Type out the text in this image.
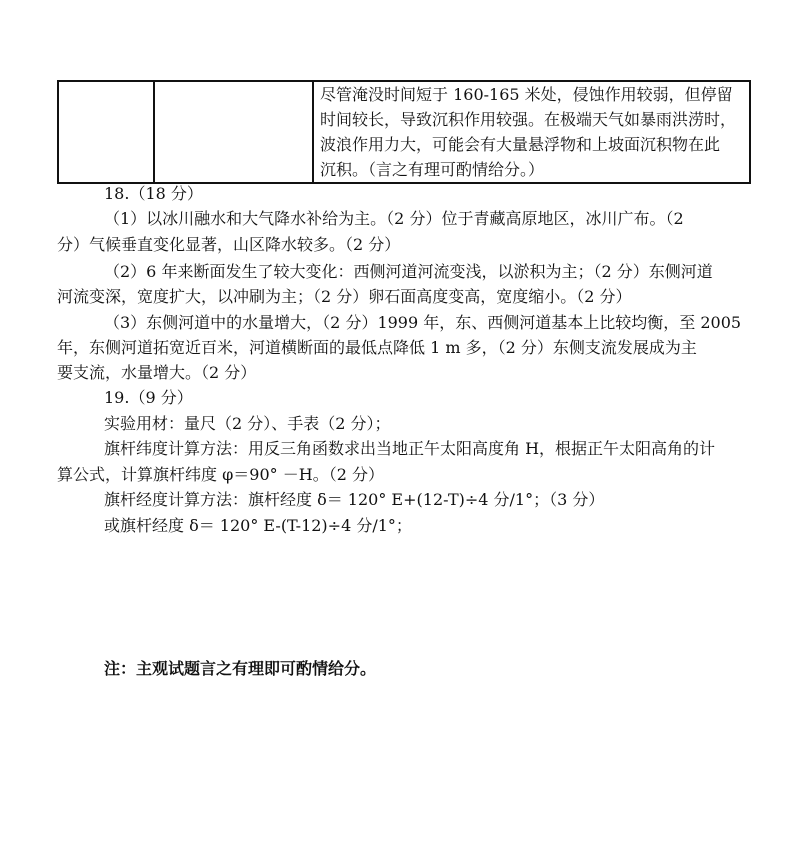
尽管淹没时间短于 160-165 米处，侵蚀作用较弱，但停留
时间较长，导致沉积作用较强。在极端天气如暴雨洪涝时，
波浪作用力大，可能会有大量悬浮物和上坡面沉积物在此
沉积。（言之有理可酌情给分。）
18.（18 分）
（1）以冰川融水和大气降水补给为主。（2 分）位于青藏高原地区，冰川广布。（2
分）气候垂直变化显著，山区降水较多。（2 分）
（2）6 年来断面发生了较大变化：西侧河道河流变浅，以淤积为主；（2 分）东侧河道
河流变深，宽度扩大，以冲刷为主；（2 分）卵石面高度变高，宽度缩小。（2 分）
（3）东侧河道中的水量增大，（2 分）1999 年，东、西侧河道基本上比较均衡，至 2005
年，东侧河道拓宽近百米，河道横断面的最低点降低 1 m 多，（2 分）东侧支流发展成为主
要支流，水量增大。（2 分）
19.（9 分）
实验用材：量尺（2 分）、手表（2 分）；
旗杆纬度计算方法：用反三角函数求出当地正午太阳高度角 H，根据正午太阳高角的计
算公式，计算旗杆纬度 φ＝90° －H。（2 分）
旗杆经度计算方法：旗杆经度 δ＝ 120° E+(12-T)÷4 分/1°；（3 分）
或旗杆经度 δ＝ 120° E-(T-12)÷4 分/1°；
注：主观试题言之有理即可酌情给分。
